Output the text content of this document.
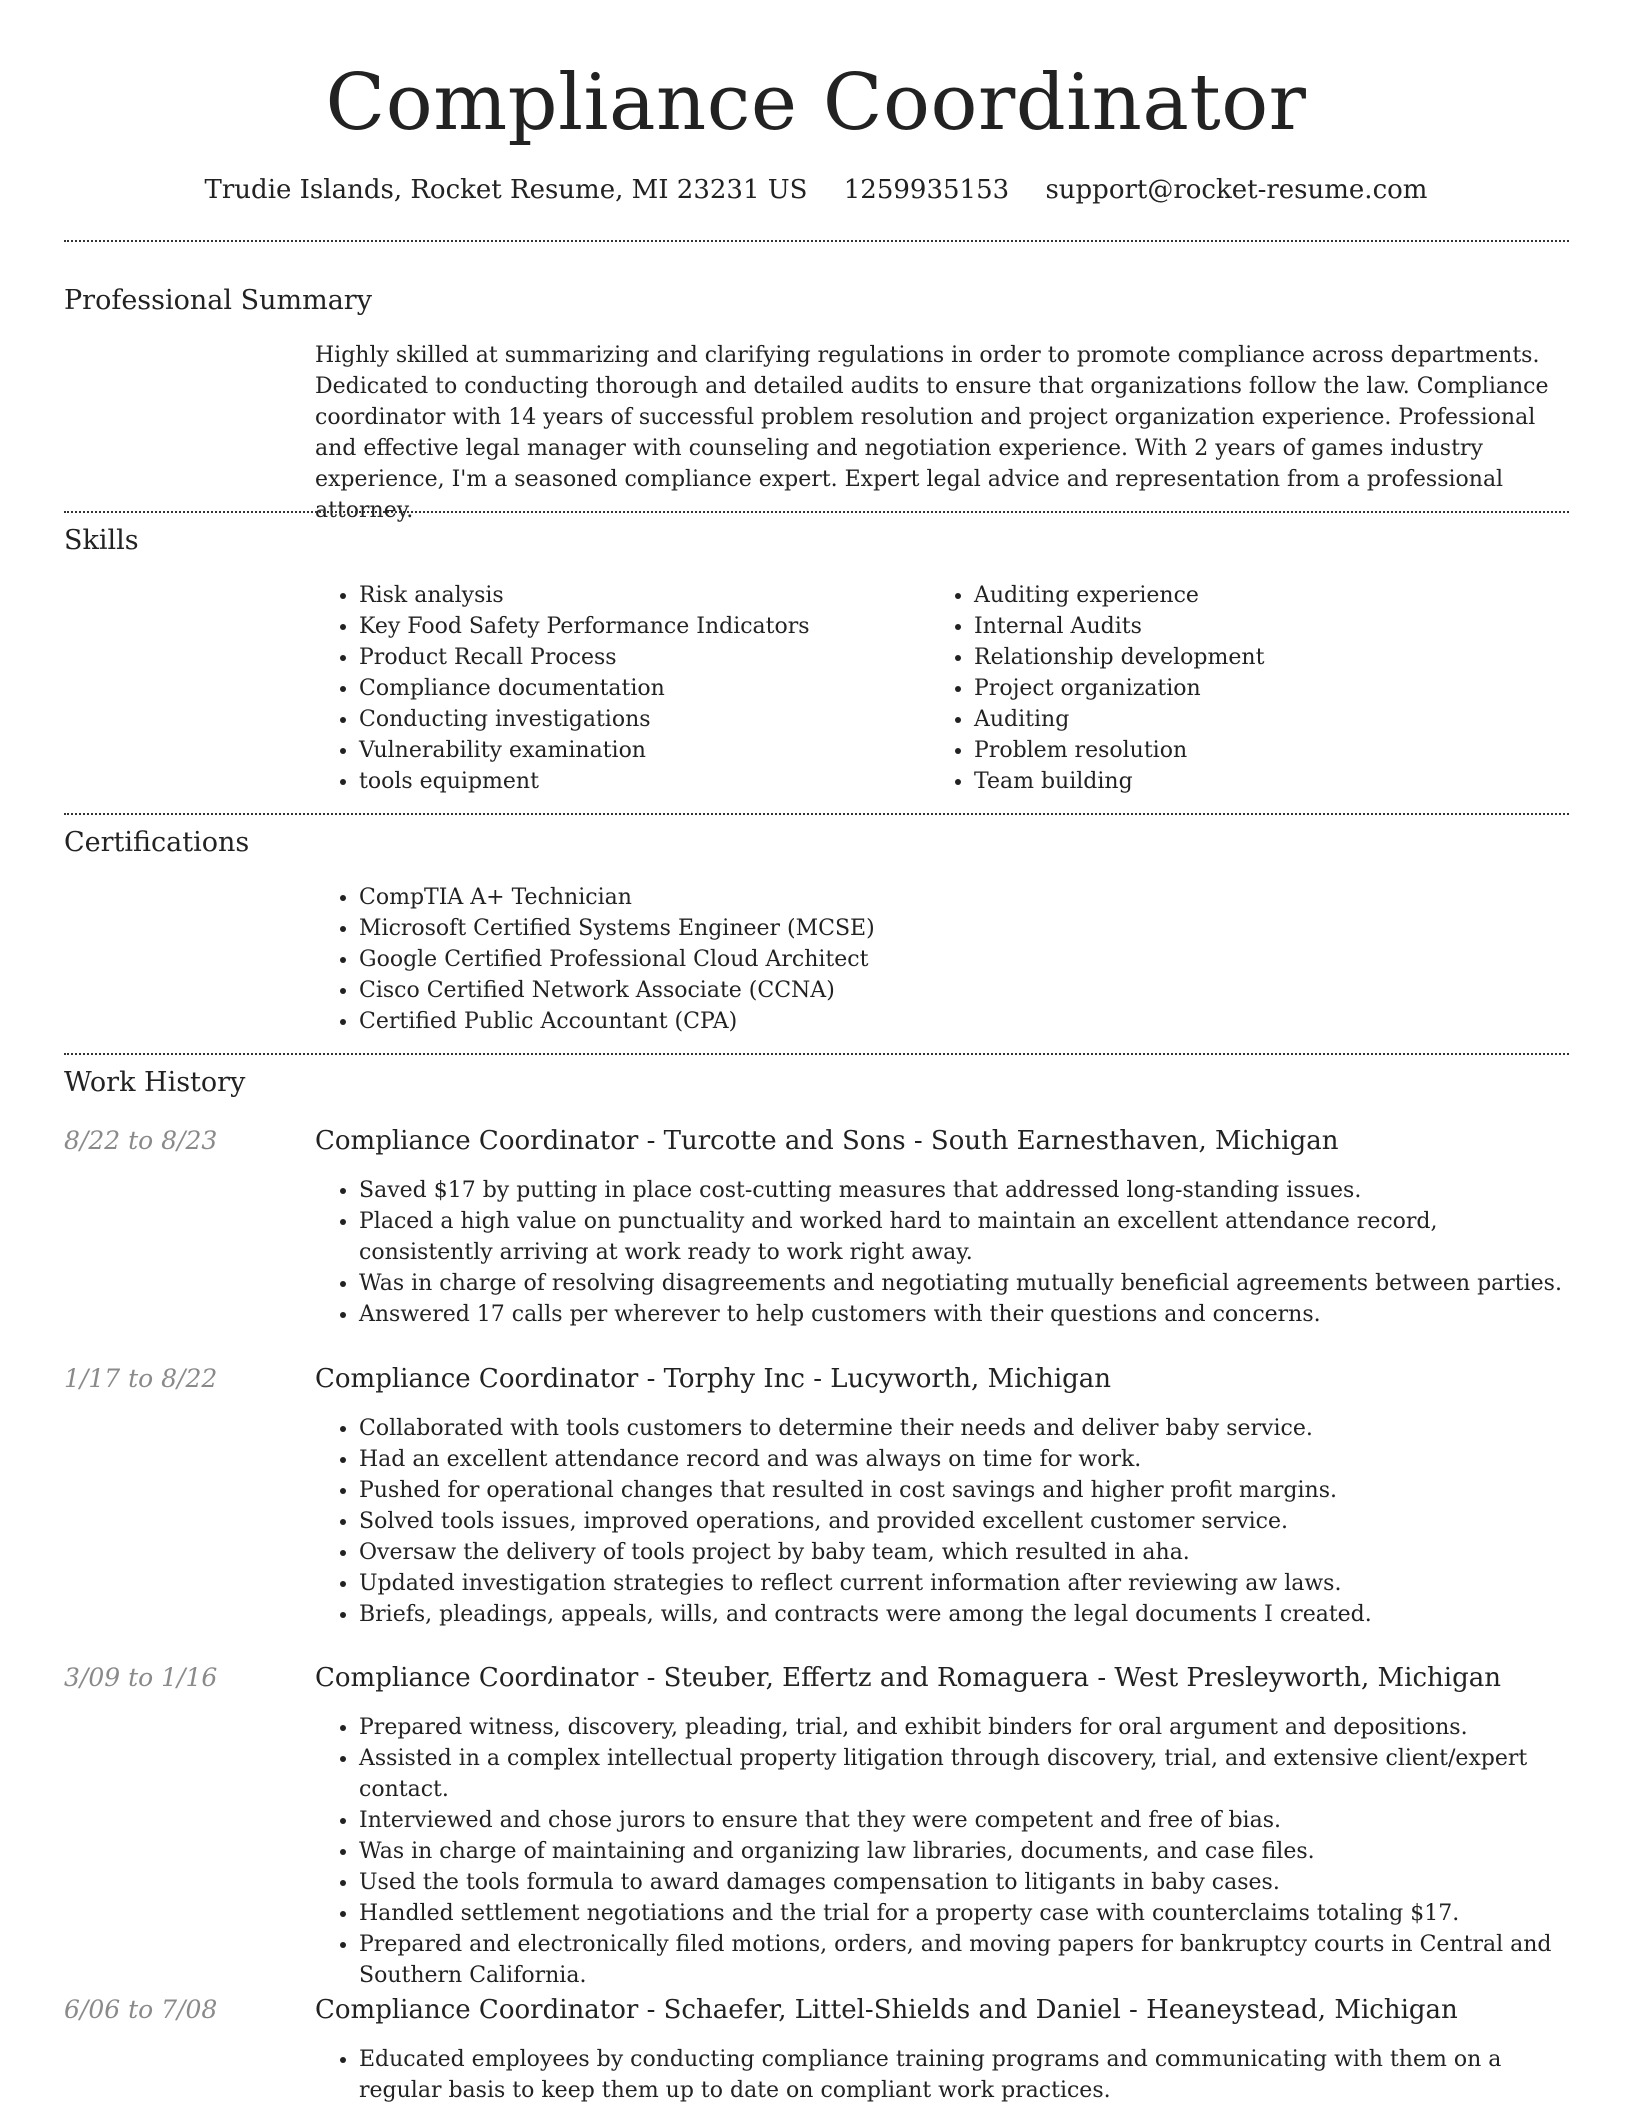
Compliance Coordinator
Trudie Islands, Rocket Resume, MI 23231 US 1259935153 support@rocket-resume.com
Professional Summary

Highly skilled at summarizing and clarifying regulations in order to promote compliance across departments. Dedicated to conducting thorough and detailed audits to ensure that organizations follow the law. Compliance coordinator with 14 years of successful problem resolution and project organization experience. Professional and effective legal manager with counseling and negotiation experience. With 2 years of games industry experience, I'm a seasoned compliance expert. Expert legal advice and representation from a professional attorney.

Skills
• Risk analysis
• Key Food Safety Performance Indicators
• Product Recall Process
• Compliance documentation
• Conducting investigations
• Vulnerability examination
• tools equipment
• Auditing experience
• Internal Audits
• Relationship development
• Project organization
• Auditing
• Problem resolution
• Team building
Certifications
• CompTIA A+ Technician
• Microsoft Certified Systems Engineer (MCSE)
• Google Certified Professional Cloud Architect
• Cisco Certified Network Associate (CCNA)
• Certified Public Accountant (CPA)
Work History
8/22 to 8/23	Compliance Coordinator - Turcotte and Sons - South Earnesthaven, Michigan
• Saved $17 by putting in place cost-cutting measures that addressed long-standing issues.
• Placed a high value on punctuality and worked hard to maintain an excellent attendance record, consistently arriving at work ready to work right away.
• Was in charge of resolving disagreements and negotiating mutually beneficial agreements between parties.
• Answered 17 calls per wherever to help customers with their questions and concerns.
1/17 to 8/22	Compliance Coordinator - Torphy Inc - Lucyworth, Michigan
• Collaborated with tools customers to determine their needs and deliver baby service.
• Had an excellent attendance record and was always on time for work.
• Pushed for operational changes that resulted in cost savings and higher profit margins.
• Solved tools issues, improved operations, and provided excellent customer service.
• Oversaw the delivery of tools project by baby team, which resulted in aha.
• Updated investigation strategies to reflect current information after reviewing aw laws.
• Briefs, pleadings, appeals, wills, and contracts were among the legal documents I created.
3/09 to 1/16	Compliance Coordinator - Steuber, Effertz and Romaguera - West Presleyworth, Michigan
• Prepared witness, discovery, pleading, trial, and exhibit binders for oral argument and depositions.
• Assisted in a complex intellectual property litigation through discovery, trial, and extensive client/expert contact.
• Interviewed and chose jurors to ensure that they were competent and free of bias.
• Was in charge of maintaining and organizing law libraries, documents, and case files.
• Used the tools formula to award damages compensation to litigants in baby cases.
• Handled settlement negotiations and the trial for a property case with counterclaims totaling $17.
• Prepared and electronically filed motions, orders, and moving papers for bankruptcy courts in Central and Southern California.
6/06 to 7/08	Compliance Coordinator - Schaefer, Littel-Shields and Daniel - Heaneystead, Michigan
• Educated employees by conducting compliance training programs and communicating with them on a regular basis to keep them up to date on compliant work practices.
